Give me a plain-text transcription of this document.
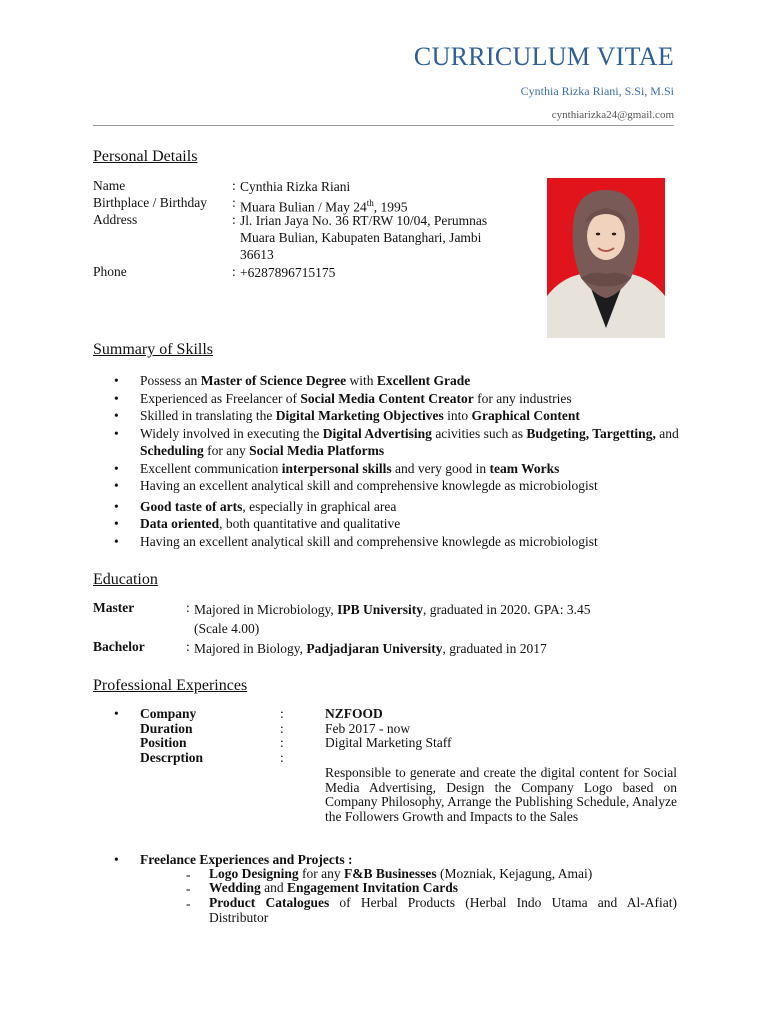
CURRICULUM VITAE
Cynthia Rizka Riani, S.Si, M.Si
cynthiarizka24@gmail.com
Personal Details
Name	: Cynthia Rizka Riani
Birthplace / Birthday : Muara Bulian / May 24th, 1995
Address	: Jl. Irian Jaya No. 36 RT/RW 10/04, Perumnas
Muara Bulian, Kabupaten Batanghari, Jambi
36613
Phone	: +6287896715175
Summary of Skills
• Possess an Master of Science Degree with Excellent Grade
• Experienced as Freelancer of Social Media Content Creator for any industries
• Skilled in translating the Digital Marketing Objectives into Graphical Content
• Widely involved in executing the Digital Advertising acivities such as Budgeting, Targetting, and Scheduling for any Social Media Platforms
• Excellent communication interpersonal skills and very good in team Works
• Having an excellent analytical skill and comprehensive knowlegde as microbiologist
• Good taste of arts, especially in graphical area
• Data oriented, both quantitative and qualitative
• Having an excellent analytical skill and comprehensive knowlegde as microbiologist
Education
Master	: Majored in Microbiology, IPB University, graduated in 2020. GPA: 3.45
(Scale 4.00)
Bachelor	: Majored in Biology, Padjadjaran University, graduated in 2017
Professional Experinces
• Company	:	NZFOOD
Duration	:	Feb 2017 - now
Position	:	Digital Marketing Staff
Descrption	:
Responsible to generate and create the digital content for Social Media Advertising, Design the Company Logo based on Company Philosophy, Arrange the Publishing Schedule, Analyze the Followers Growth and Impacts to the Sales
• Freelance Experiences and Projects :
- Logo Designing for any F&B Businesses (Mozniak, Kejagung, Amai)
- Wedding and Engagement Invitation Cards
- Product Catalogues of Herbal Products (Herbal Indo Utama and Al-Afiat) Distributor
